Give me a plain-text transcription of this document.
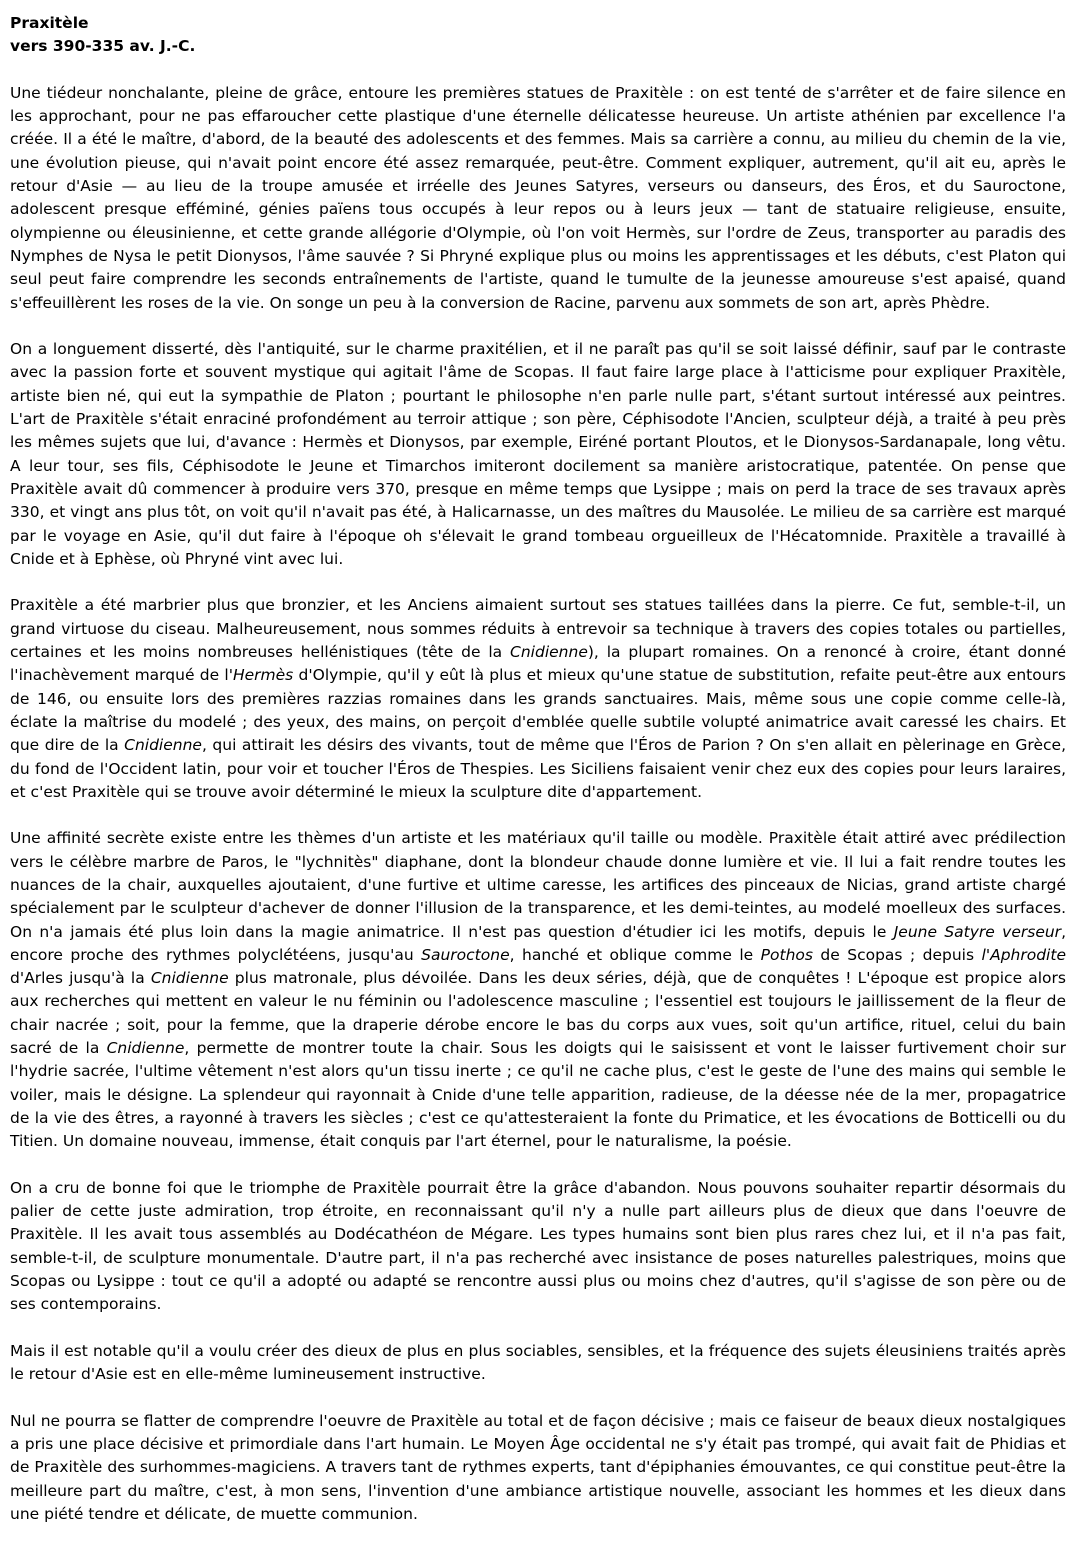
Praxitèle
vers 390-335 av. J.-C.

Une tiédeur nonchalante, pleine de grâce, entoure les premières statues de Praxitèle : on est tenté de s'arrêter et de faire silence en les approchant, pour ne pas effaroucher cette plastique d'une éternelle délicatesse heureuse. Un artiste athénien par excellence l'a créée. Il a été le maître, d'abord, de la beauté des adolescents et des femmes. Mais sa carrière a connu, au milieu du chemin de la vie, une évolution pieuse, qui n'avait point encore été assez remarquée, peut-être. Comment expliquer, autrement, qu'il ait eu, après le retour d'Asie — au lieu de la troupe amusée et irréelle des Jeunes Satyres, verseurs ou danseurs, des Éros, et du Sauroctone, adolescent presque efféminé, génies païens tous occupés à leur repos ou à leurs jeux — tant de statuaire religieuse, ensuite, olympienne ou éleusinienne, et cette grande allégorie d'Olympie, où l'on voit Hermès, sur l'ordre de Zeus, transporter au paradis des Nymphes de Nysa le petit Dionysos, l'âme sauvée ? Si Phryné explique plus ou moins les apprentissages et les débuts, c'est Platon qui seul peut faire comprendre les seconds entraînements de l'artiste, quand le tumulte de la jeunesse amoureuse s'est apaisé, quand s'effeuillèrent les roses de la vie. On songe un peu à la conversion de Racine, parvenu aux sommets de son art, après Phèdre.

On a longuement disserté, dès l'antiquité, sur le charme praxitélien, et il ne paraît pas qu'il se soit laissé définir, sauf par le contraste avec la passion forte et souvent mystique qui agitait l'âme de Scopas. Il faut faire large place à l'atticisme pour expliquer Praxitèle, artiste bien né, qui eut la sympathie de Platon ; pourtant le philosophe n'en parle nulle part, s'étant surtout intéressé aux peintres. L'art de Praxitèle s'était enraciné profondément au terroir attique ; son père, Céphisodote l'Ancien, sculpteur déjà, a traité à peu près les mêmes sujets que lui, d'avance : Hermès et Dionysos, par exemple, Eiréné portant Ploutos, et le Dionysos-Sardanapale, long vêtu. A leur tour, ses fils, Céphisodote le Jeune et Timarchos imiteront docilement sa manière aristocratique, patentée. On pense que Praxitèle avait dû commencer à produire vers 370, presque en même temps que Lysippe ; mais on perd la trace de ses travaux après 330, et vingt ans plus tôt, on voit qu'il n'avait pas été, à Halicarnasse, un des maîtres du Mausolée. Le milieu de sa carrière est marqué par le voyage en Asie, qu'il dut faire à l'époque oh s'élevait le grand tombeau orgueilleux de l'Hécatomnide. Praxitèle a travaillé à Cnide et à Ephèse, où Phryné vint avec lui.

Praxitèle a été marbrier plus que bronzier, et les Anciens aimaient surtout ses statues taillées dans la pierre. Ce fut, semble-t-il, un grand virtuose du ciseau. Malheureusement, nous sommes réduits à entrevoir sa technique à travers des copies totales ou partielles, certaines et les moins nombreuses hellénistiques (tête de la Cnidienne), la plupart romaines. On a renoncé à croire, étant donné l'inachèvement marqué de l'Hermès d'Olympie, qu'il y eût là plus et mieux qu'une statue de substitution, refaite peut-être aux entours de 146, ou ensuite lors des premières razzias romaines dans les grands sanctuaires. Mais, même sous une copie comme celle-là, éclate la maîtrise du modelé ; des yeux, des mains, on perçoit d'emblée quelle subtile volupté animatrice avait caressé les chairs. Et que dire de la Cnidienne, qui attirait les désirs des vivants, tout de même que l'Éros de Parion ? On s'en allait en pèlerinage en Grèce, du fond de l'Occident latin, pour voir et toucher l'Éros de Thespies. Les Siciliens faisaient venir chez eux des copies pour leurs laraires, et c'est Praxitèle qui se trouve avoir déterminé le mieux la sculpture dite d'appartement.

Une affinité secrète existe entre les thèmes d'un artiste et les matériaux qu'il taille ou modèle. Praxitèle était attiré avec prédilection vers le célèbre marbre de Paros, le "lychnitès" diaphane, dont la blondeur chaude donne lumière et vie. Il lui a fait rendre toutes les nuances de la chair, auxquelles ajoutaient, d'une furtive et ultime caresse, les artifices des pinceaux de Nicias, grand artiste chargé spécialement par le sculpteur d'achever de donner l'illusion de la transparence, et les demi-teintes, au modelé moelleux des surfaces. On n'a jamais été plus loin dans la magie animatrice. Il n'est pas question d'étudier ici les motifs, depuis le Jeune Satyre verseur, encore proche des rythmes polyclétéens, jusqu'au Sauroctone, hanché et oblique comme le Pothos de Scopas ; depuis l'Aphrodite d'Arles jusqu'à la Cnidienne plus matronale, plus dévoilée. Dans les deux séries, déjà, que de conquêtes ! L'époque est propice alors aux recherches qui mettent en valeur le nu féminin ou l'adolescence masculine ; l'essentiel est toujours le jaillissement de la fleur de chair nacrée ; soit, pour la femme, que la draperie dérobe encore le bas du corps aux vues, soit qu'un artifice, rituel, celui du bain sacré de la Cnidienne, permette de montrer toute la chair. Sous les doigts qui le saisissent et vont le laisser furtivement choir sur l'hydrie sacrée, l'ultime vêtement n'est alors qu'un tissu inerte ; ce qu'il ne cache plus, c'est le geste de l'une des mains qui semble le voiler, mais le désigne. La splendeur qui rayonnait à Cnide d'une telle apparition, radieuse, de la déesse née de la mer, propagatrice de la vie des êtres, a rayonné à travers les siècles ; c'est ce qu'attesteraient la fonte du Primatice, et les évocations de Botticelli ou du Titien. Un domaine nouveau, immense, était conquis par l'art éternel, pour le naturalisme, la poésie.

On a cru de bonne foi que le triomphe de Praxitèle pourrait être la grâce d'abandon. Nous pouvons souhaiter repartir désormais du palier de cette juste admiration, trop étroite, en reconnaissant qu'il n'y a nulle part ailleurs plus de dieux que dans l'oeuvre de Praxitèle. Il les avait tous assemblés au Dodécathéon de Mégare. Les types humains sont bien plus rares chez lui, et il n'a pas fait, semble-t-il, de sculpture monumentale. D'autre part, il n'a pas recherché avec insistance de poses naturelles palestriques, moins que Scopas ou Lysippe : tout ce qu'il a adopté ou adapté se rencontre aussi plus ou moins chez d'autres, qu'il s'agisse de son père ou de ses contemporains.

Mais il est notable qu'il a voulu créer des dieux de plus en plus sociables, sensibles, et la fréquence des sujets éleusiniens traités après le retour d'Asie est en elle-même lumineusement instructive.

Nul ne pourra se flatter de comprendre l'oeuvre de Praxitèle au total et de façon décisive ; mais ce faiseur de beaux dieux nostalgiques a pris une place décisive et primordiale dans l'art humain. Le Moyen Âge occidental ne s'y était pas trompé, qui avait fait de Phidias et de Praxitèle des surhommes-magiciens. A travers tant de rythmes experts, tant d'épiphanies émouvantes, ce qui constitue peut-être la meilleure part du maître, c'est, à mon sens, l'invention d'une ambiance artistique nouvelle, associant les hommes et les dieux dans une piété tendre et délicate, de muette communion.
